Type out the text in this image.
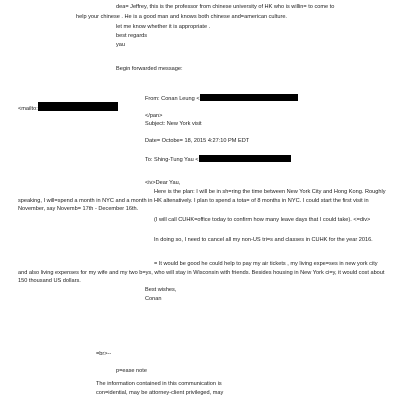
dea= Jeffrey, this is the professor from chinese university of HK who is willin= to come to
help your chinese . He is a good man and knows both chinese and=american culture.
let me know whether it is appropriate .
best regards
yau
Begin forwarded message:
From: Conan Leung <
<mailto:
</pan>
Subject: New York visit
Date= Octobe= 18, 2015 4:27:10 PM EDT
To: Shing-Tung Yau <
<iv>Dear Yau,
Here is the plan: I will be in sh=ring the time between New York City and Hong Kong. Roughly speaking, I will=spend a month in NYC and a month in HK altenatively. I plan to spend a tota= of 8 months in NYC. I could start the first visit in November, say Novemb= 17th - December 16th.
(I will call CUHK=office today to confirm how many leave days that I could take). <=div>
In doing so, I need to cancel all my non-US tri=s and classes in CUHK for the year 2016.
= It would be good he could help to pay my air tickets , my living expe=ses in new york city and also living expenses for my wife and my two b=ys, who will stay in Wisconsin with friends. Besides housing in New York ci=y, it would cost about 150 thousand US dollars.
Best wishes,
Conan
=br>--
p=ease note
The information contained in this communication is
con=idential, may be attorney-client privileged, may
